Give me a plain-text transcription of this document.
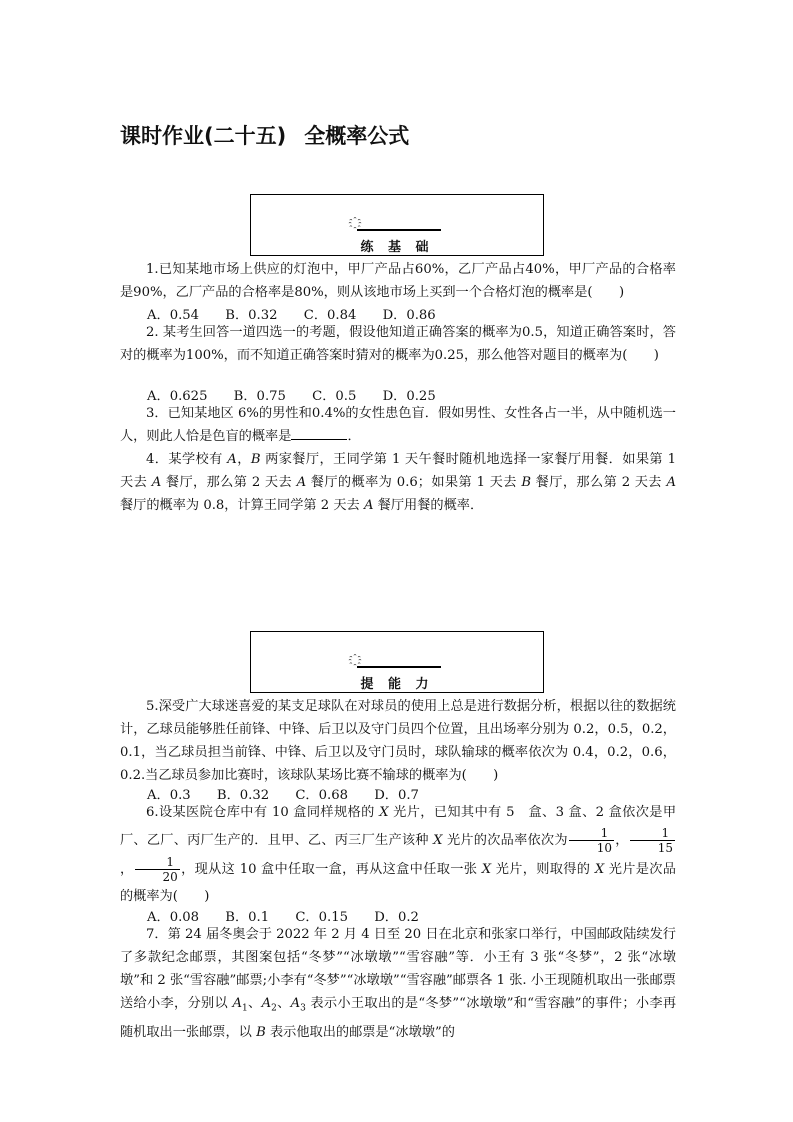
课时作业(二十五) 全概率公式
练 基 础

1.已知某地市场上供应的灯泡中，甲厂产品占60%，乙厂产品占40%，甲厂产品的合格率是90%，乙厂产品的合格率是80%，则从该地市场上买到一个合格灯泡的概率是(　　)

A．0.54 B．0.32 C．0.84 D．0.86

2. 某考生回答一道四选一的考题，假设他知道正确答案的概率为0.5，知道正确答案时，答对的概率为100%，而不知道正确答案时猜对的概率为0.25，那么他答对题目的概率为(　　)

A．0.625 B．0.75 C．0.5 D．0.25

3．已知某地区 6%的男性和0.4%的女性患色盲．假如男性、女性各占一半，从中随机选一人，则此人恰是色盲的概率是	．

4．某学校有 A，B 两家餐厅，王同学第 1 天午餐时随机地选择一家餐厅用餐．如果第 1 天去 A 餐厅，那么第 2 天去 A 餐厅的概率为 0.6；如果第 1 天去 B 餐厅，那么第 2 天去 A 餐厅的概率为 0.8，计算王同学第 2 天去 A 餐厅用餐的概率．

提 能 力

5.深受广大球迷喜爱的某支足球队在对球员的使用上总是进行数据分析，根据以往的数据统计，乙球员能够胜任前锋、中锋、后卫以及守门员四个位置，且出场率分别为 0.2，0.5，0.2，0.1，当乙球员担当前锋、中锋、后卫以及守门员时，球队输球的概率依次为 0.4，0.2，0.6，0.2.当乙球员参加比赛时，该球队某场比赛不输球的概率为(　　)

A．0.3 B．0.32 C．0.68 D．0.7

6.设某医院仓库中有 10 盒同样规格的 X 光片，已知其中有 5　盒、3 盒、2 盒依次是甲厂、乙厂、丙厂生产的．且甲、乙、丙三厂生产该种 X 光片的次品率依次为 $\frac{1}{10}$ ， $\frac{1}{15}$
， $\frac{1}{20}$ ，现从这 10 盒中任取一盒，再从这盒中任取一张 X 光片，则取得的 X 光片是次品的概率为(　　)

A．0.08 B．0.1 C．0.15 D．0.2

7．第 24 届冬奥会于 2022 年 2 月 4 日至 20 日在北京和张家口举行，中国邮政陆续发行了多款纪念邮票，其图案包括“冬梦”“冰墩墩”“雪容融”等．小王有 3 张“冬梦”，2 张“冰墩墩”和 2 张“雪容融”邮票;小李有“冬梦”“冰墩墩”“雪容融”邮票各 1 张. 小王现随机取出一张邮票送给小李，分别以 $A_1$、$A_2$、$A_3$ 表示小王取出的是“冬梦”“冰墩墩”和“雪容融”的事件；小李再随机取出一张邮票，以 B 表示他取出的邮票是“冰墩墩”的
